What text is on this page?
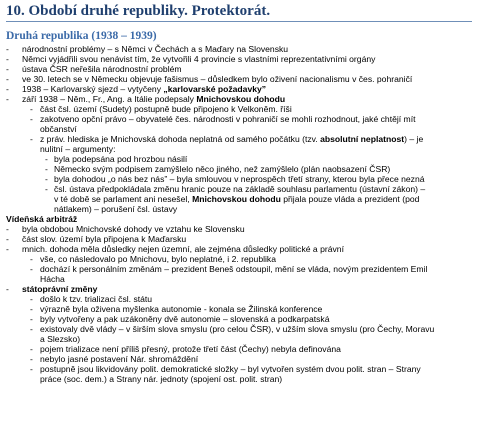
10. Období druhé republiky. Protektorát.
Druhá republika (1938 – 1939)
- národnostní problémy – s Němci v Čechách a s Maďary na Slovensku
- Němci vyjádřili svou nenávist tím, že vytvořili 4 provincie s vlastními reprezentativními orgány
- ústava ČSR neřešila národnostní problém
- ve 30. letech se v Německu objevuje fašismus – důsledkem bylo oživení nacionalismu v čes. pohraničí
- 1938 – Karlovarský sjezd – vytyčeny „karlovarské požadavky”
- září 1938 – Něm., Fr., Ang. a Itálie podepsaly Mnichovskou dohodu
- část čsl. území (Sudety) postupně bude připojeno k Velkoněm. říši
- zakotveno opční právo – obyvatelé čes. národnosti v pohraničí se mohli rozhodnout, jaké chtějí mít
občanství
- z práv. hlediska je Mnichovská dohoda neplatná od samého počátku (tzv. absolutní neplatnost) – je
nulitní – argumenty:
- byla podepsána pod hrozbou násilí
- Německo svým podpisem zamýšlelo něco jiného, než zamýšlelo (plán naobsazení ČSR)
- byla dohodou „o nás bez nás” – byla smlouvou v neprospěch třetí strany, kterou byla přece nezná
- čsl. ústava předpokládala změnu hranic pouze na základě souhlasu parlamentu (ústavní zákon) –
v té době se parlament ani nesešel, Mnichovskou dohodu přijala pouze vláda a prezident (pod
nátlakem) – porušení čsl. ústavy
Vídeňská arbitráž
- byla obdobou Mnichovské dohody ve vztahu ke Slovensku
- část slov. území byla připojena k Maďarsku
- mnich. dohoda měla důsledky nejen územní, ale zejména důsledky politické a právní
- vše, co následovalo po Mnichovu, bylo neplatné, i 2. republika
- dochází k personálním změnám – prezident Beneš odstoupil, mění se vláda, novým prezidentem Emil
Hácha
- státoprávní změny
- došlo k tzv. trializaci čsl. státu
- výrazně byla oživena myšlenka autonomie - konala se Žilinská konference
- byly vytvořeny a pak uzákoněny dvě autonomie – slovenská a podkarpatská
- existovaly dvě vlády – v širším slova smyslu (pro celou ČSR), v užším slova smyslu (pro Čechy, Moravu
a Slezsko)
- pojem trializace není příliš přesný, protože třetí část (Čechy) nebyla definována
- nebylo jasné postavení Nár. shromáždění
- postupně jsou likvidovány polit. demokratické složky – byl vytvořen systém dvou polit. stran – Strany
práce (soc. dem.) a Strany nár. jednoty (spojení ost. polit. stran)
